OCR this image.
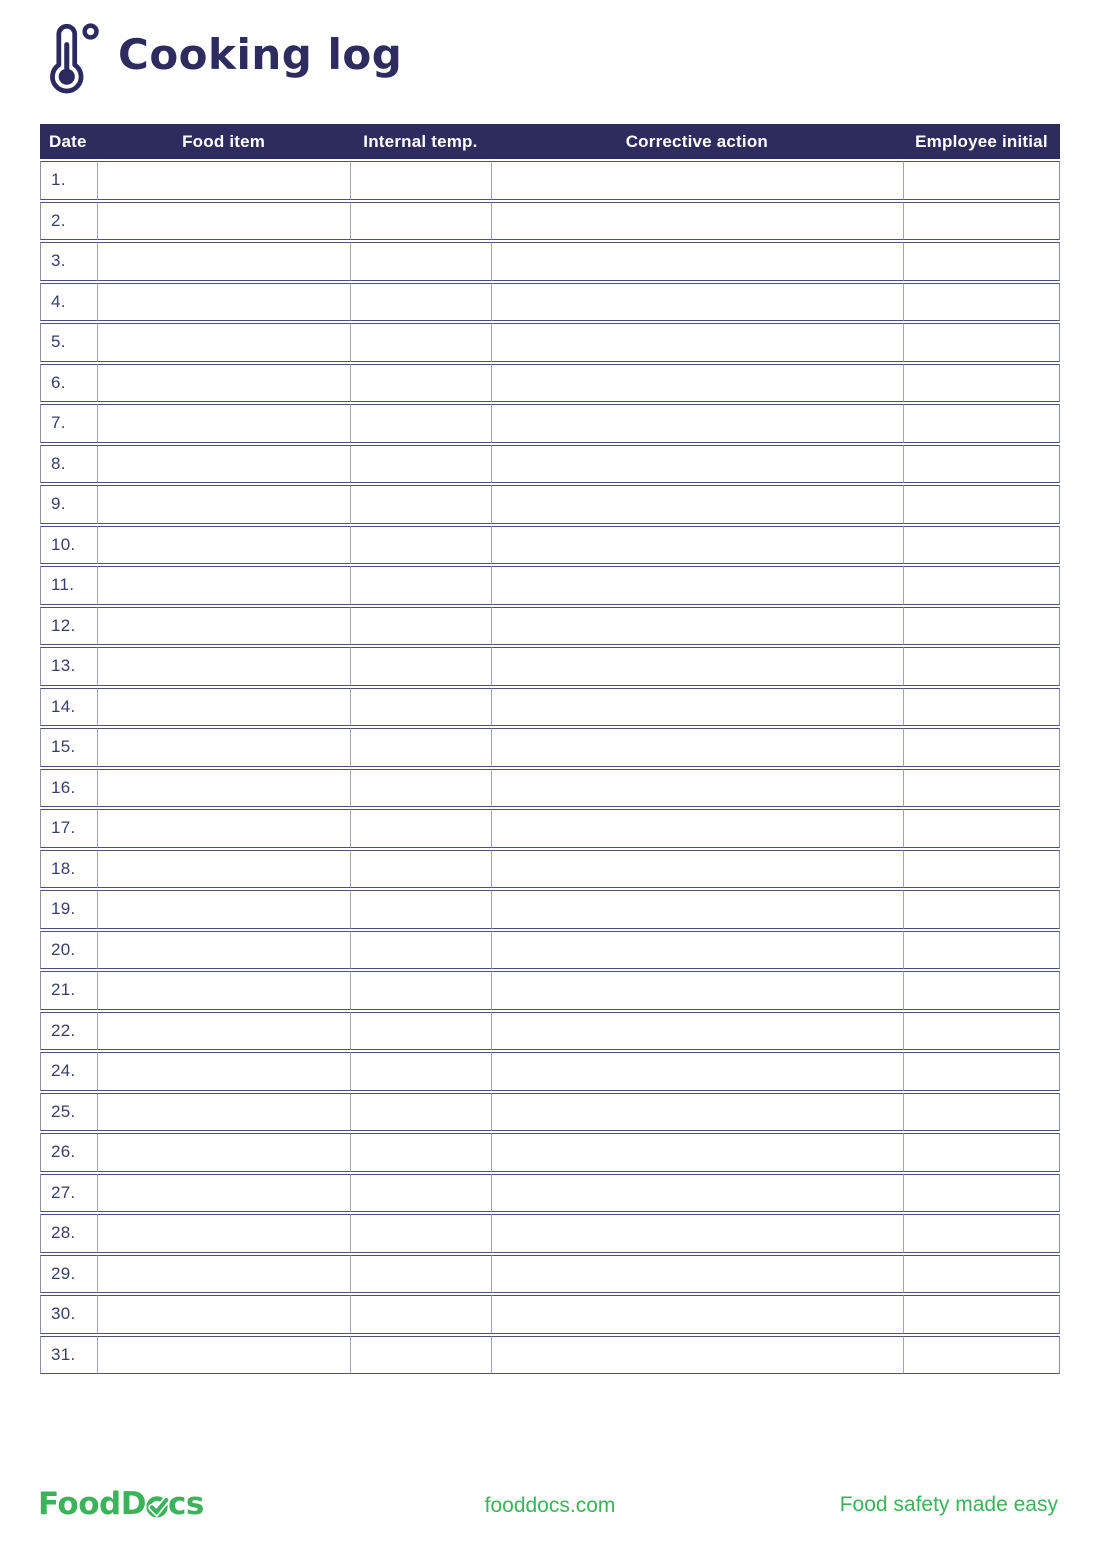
Cooking log
Date	Food item	Internal temp.	Corrective action	Employee initial
1.				
2.				
3.				
4.				
5.				
6.				
7.				
8.				
9.				
10.				
11.				
12.				
13.				
14.				
15.				
16.				
17.				
18.				
19.				
20.				
21.				
22.				
24.				
25.				
26.				
27.				
28.				
29.				
30.				
31.				
FoodD cs	fooddocs.com	Food safety made easy
